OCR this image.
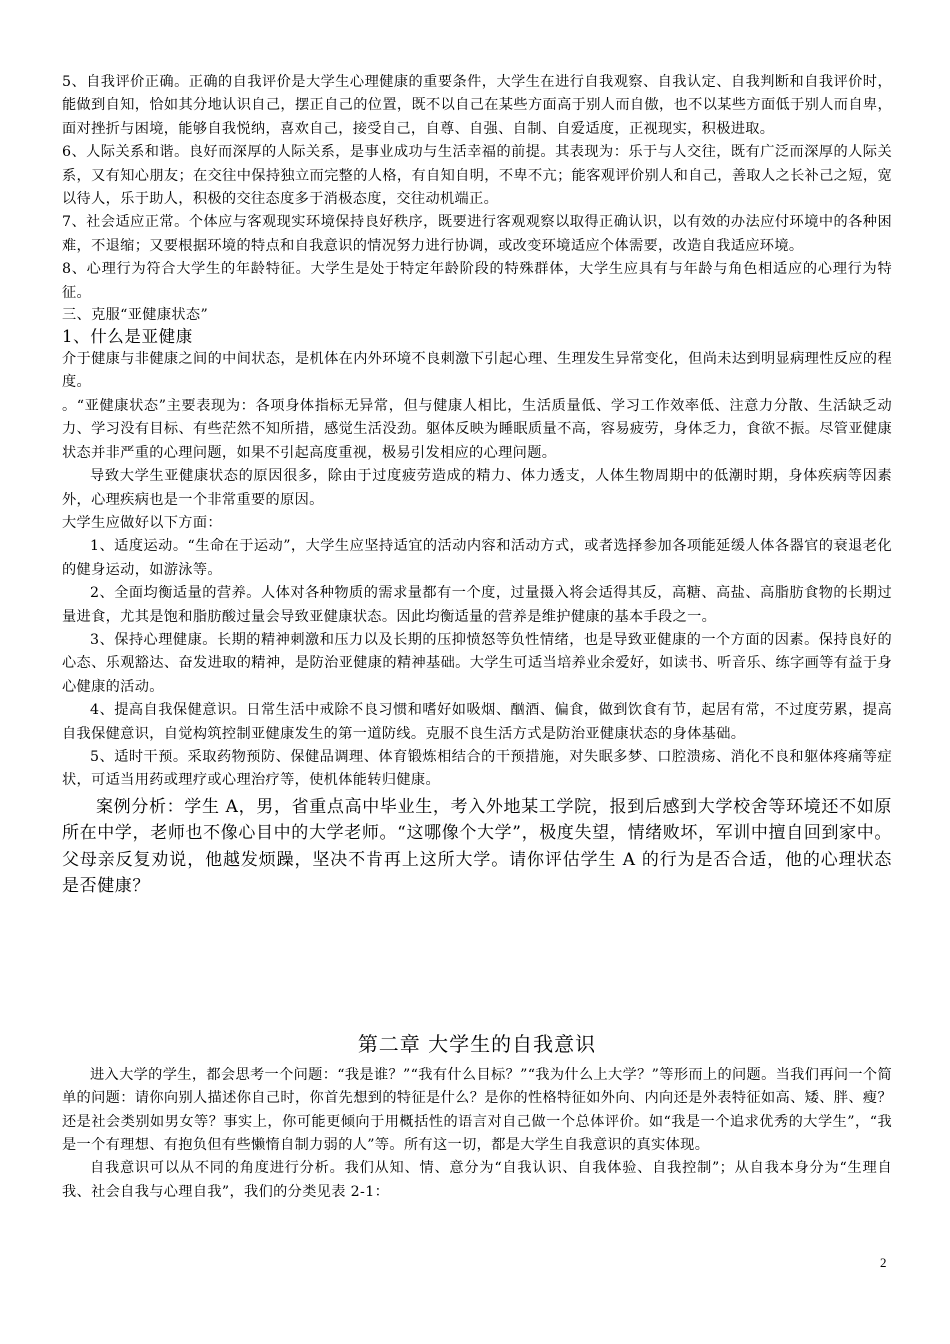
5、自我评价正确。正确的自我评价是大学生心理健康的重要条件，大学生在进行自我观察、自我认定、自我判断和自我评价时，能做到自知，恰如其分地认识自己，摆正自己的位置，既不以自己在某些方面高于别人而自傲，也不以某些方面低于别人而自卑，面对挫折与困境，能够自我悦纳，喜欢自己，接受自己，自尊、自强、自制、自爱适度，正视现实，积极进取。

6、人际关系和谐。良好而深厚的人际关系，是事业成功与生活幸福的前提。其表现为：乐于与人交往，既有广泛而深厚的人际关系，又有知心朋友；在交往中保持独立而完整的人格，有自知自明，不卑不亢；能客观评价别人和自己，善取人之长补己之短，宽以待人，乐于助人，积极的交往态度多于消极态度，交往动机端正。

7、社会适应正常。个体应与客观现实环境保持良好秩序，既要进行客观观察以取得正确认识，以有效的办法应付环境中的各种困难，不退缩；又要根据环境的特点和自我意识的情况努力进行协调，或改变环境适应个体需要，改造自我适应环境。

8、心理行为符合大学生的年龄特征。大学生是处于特定年龄阶段的特殊群体，大学生应具有与年龄与角色相适应的心理行为特征。

三、克服“亚健康状态”

1、什么是亚健康

介于健康与非健康之间的中间状态，是机体在内外环境不良刺激下引起心理、生理发生异常变化，但尚未达到明显病理性反应的程度。

。“亚健康状态”主要表现为：各项身体指标无异常，但与健康人相比，生活质量低、学习工作效率低、注意力分散、生活缺乏动力、学习没有目标、有些茫然不知所措，感觉生活没劲。躯体反映为睡眠质量不高，容易疲劳，身体乏力，食欲不振。尽管亚健康状态并非严重的心理问题，如果不引起高度重视，极易引发相应的心理问题。

导致大学生亚健康状态的原因很多，除由于过度疲劳造成的精力、体力透支，人体生物周期中的低潮时期，身体疾病等因素外，心理疾病也是一个非常重要的原因。

大学生应做好以下方面：

1、适度运动。“生命在于运动”，大学生应坚持适宜的活动内容和活动方式，或者选择参加各项能延缓人体各器官的衰退老化的健身运动，如游泳等。

2、全面均衡适量的营养。人体对各种物质的需求量都有一个度，过量摄入将会适得其反，高糖、高盐、高脂肪食物的长期过量进食，尤其是饱和脂肪酸过量会导致亚健康状态。因此均衡适量的营养是维护健康的基本手段之一。

3、保持心理健康。长期的精神刺激和压力以及长期的压抑愤怒等负性情绪，也是导致亚健康的一个方面的因素。保持良好的心态、乐观豁达、奋发进取的精神，是防治亚健康的精神基础。大学生可适当培养业余爱好，如读书、听音乐、练字画等有益于身心健康的活动。

4、提高自我保健意识。日常生活中戒除不良习惯和嗜好如吸烟、酗酒、偏食，做到饮食有节，起居有常，不过度劳累，提高自我保健意识，自觉构筑控制亚健康发生的第一道防线。克服不良生活方式是防治亚健康状态的身体基础。

5、适时干预。采取药物预防、保健品调理、体育锻炼相结合的干预措施，对失眠多梦、口腔溃疡、消化不良和躯体疼痛等症状，可适当用药或理疗或心理治疗等，使机体能转归健康。

案例分析：学生 A，男，省重点高中毕业生，考入外地某工学院，报到后感到大学校舍等环境还不如原所在中学，老师也不像心目中的大学老师。“这哪像个大学”，极度失望，情绪败坏，军训中擅自回到家中。父母亲反复劝说，他越发烦躁，坚决不肯再上这所大学。请你评估学生 A 的行为是否合适，他的心理状态是否健康？

第二章 大学生的自我意识

进入大学的学生，都会思考一个问题：“我是谁？”“我有什么目标？”“我为什么上大学？”等形而上的问题。当我们再问一个简单的问题：请你向别人描述你自己时，你首先想到的特征是什么？是你的性格特征如外向、内向还是外表特征如高、矮、胖、瘦？还是社会类别如男女等？事实上，你可能更倾向于用概括性的语言对自己做一个总体评价。如“我是一个追求优秀的大学生”，“我是一个有理想、有抱负但有些懒惰自制力弱的人”等。所有这一切，都是大学生自我意识的真实体现。

自我意识可以从不同的角度进行分析。我们从知、情、意分为“自我认识、自我体验、自我控制”；从自我本身分为“生理自我、社会自我与心理自我”，我们的分类见表 2-1：

2
